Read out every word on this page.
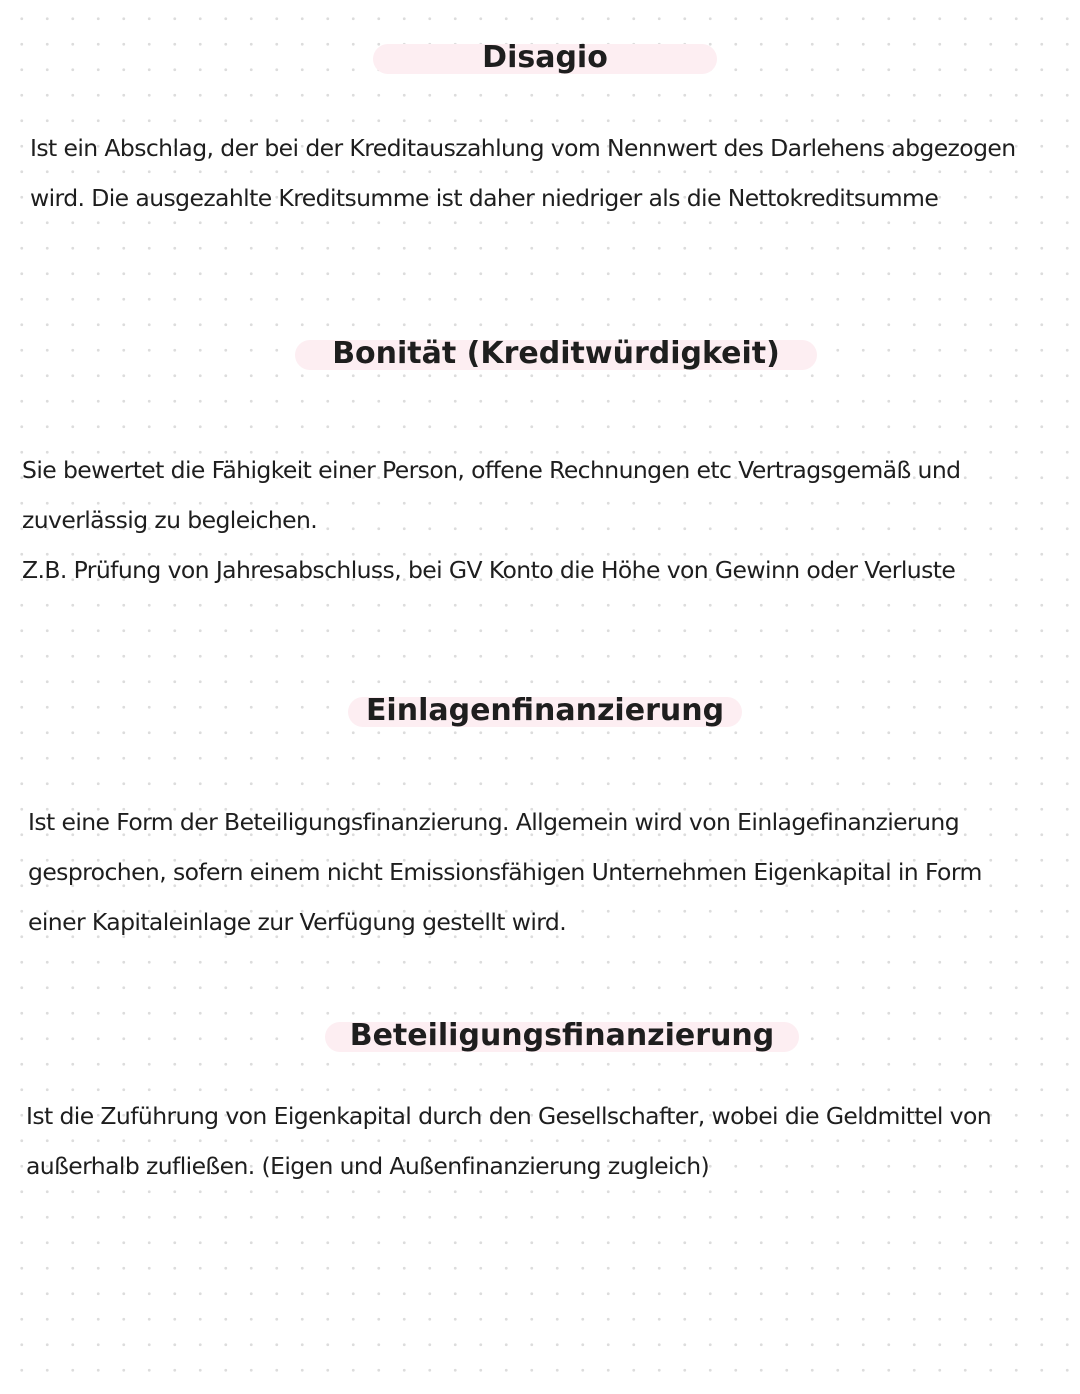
Disagio

Ist ein Abschlag, der bei der Kreditauszahlung vom Nennwert des Darlehens abgezogen
wird. Die ausgezahlte Kreditsumme ist daher niedriger als die Nettokreditsumme

Bonität (Kreditwürdigkeit)

Sie bewertet die Fähigkeit einer Person, offene Rechnungen etc Vertragsgemäß und
zuverlässig zu begleichen.
Z.B. Prüfung von Jahresabschluss, bei GV Konto die Höhe von Gewinn oder Verluste

Einlagenfinanzierung

Ist eine Form der Beteiligungsfinanzierung. Allgemein wird von Einlagefinanzierung
gesprochen, sofern einem nicht Emissionsfähigen Unternehmen Eigenkapital in Form
einer Kapitaleinlage zur Verfügung gestellt wird.

Beteiligungsfinanzierung

Ist die Zuführung von Eigenkapital durch den Gesellschafter, wobei die Geldmittel von
außerhalb zufließen. (Eigen und Außenfinanzierung zugleich)
